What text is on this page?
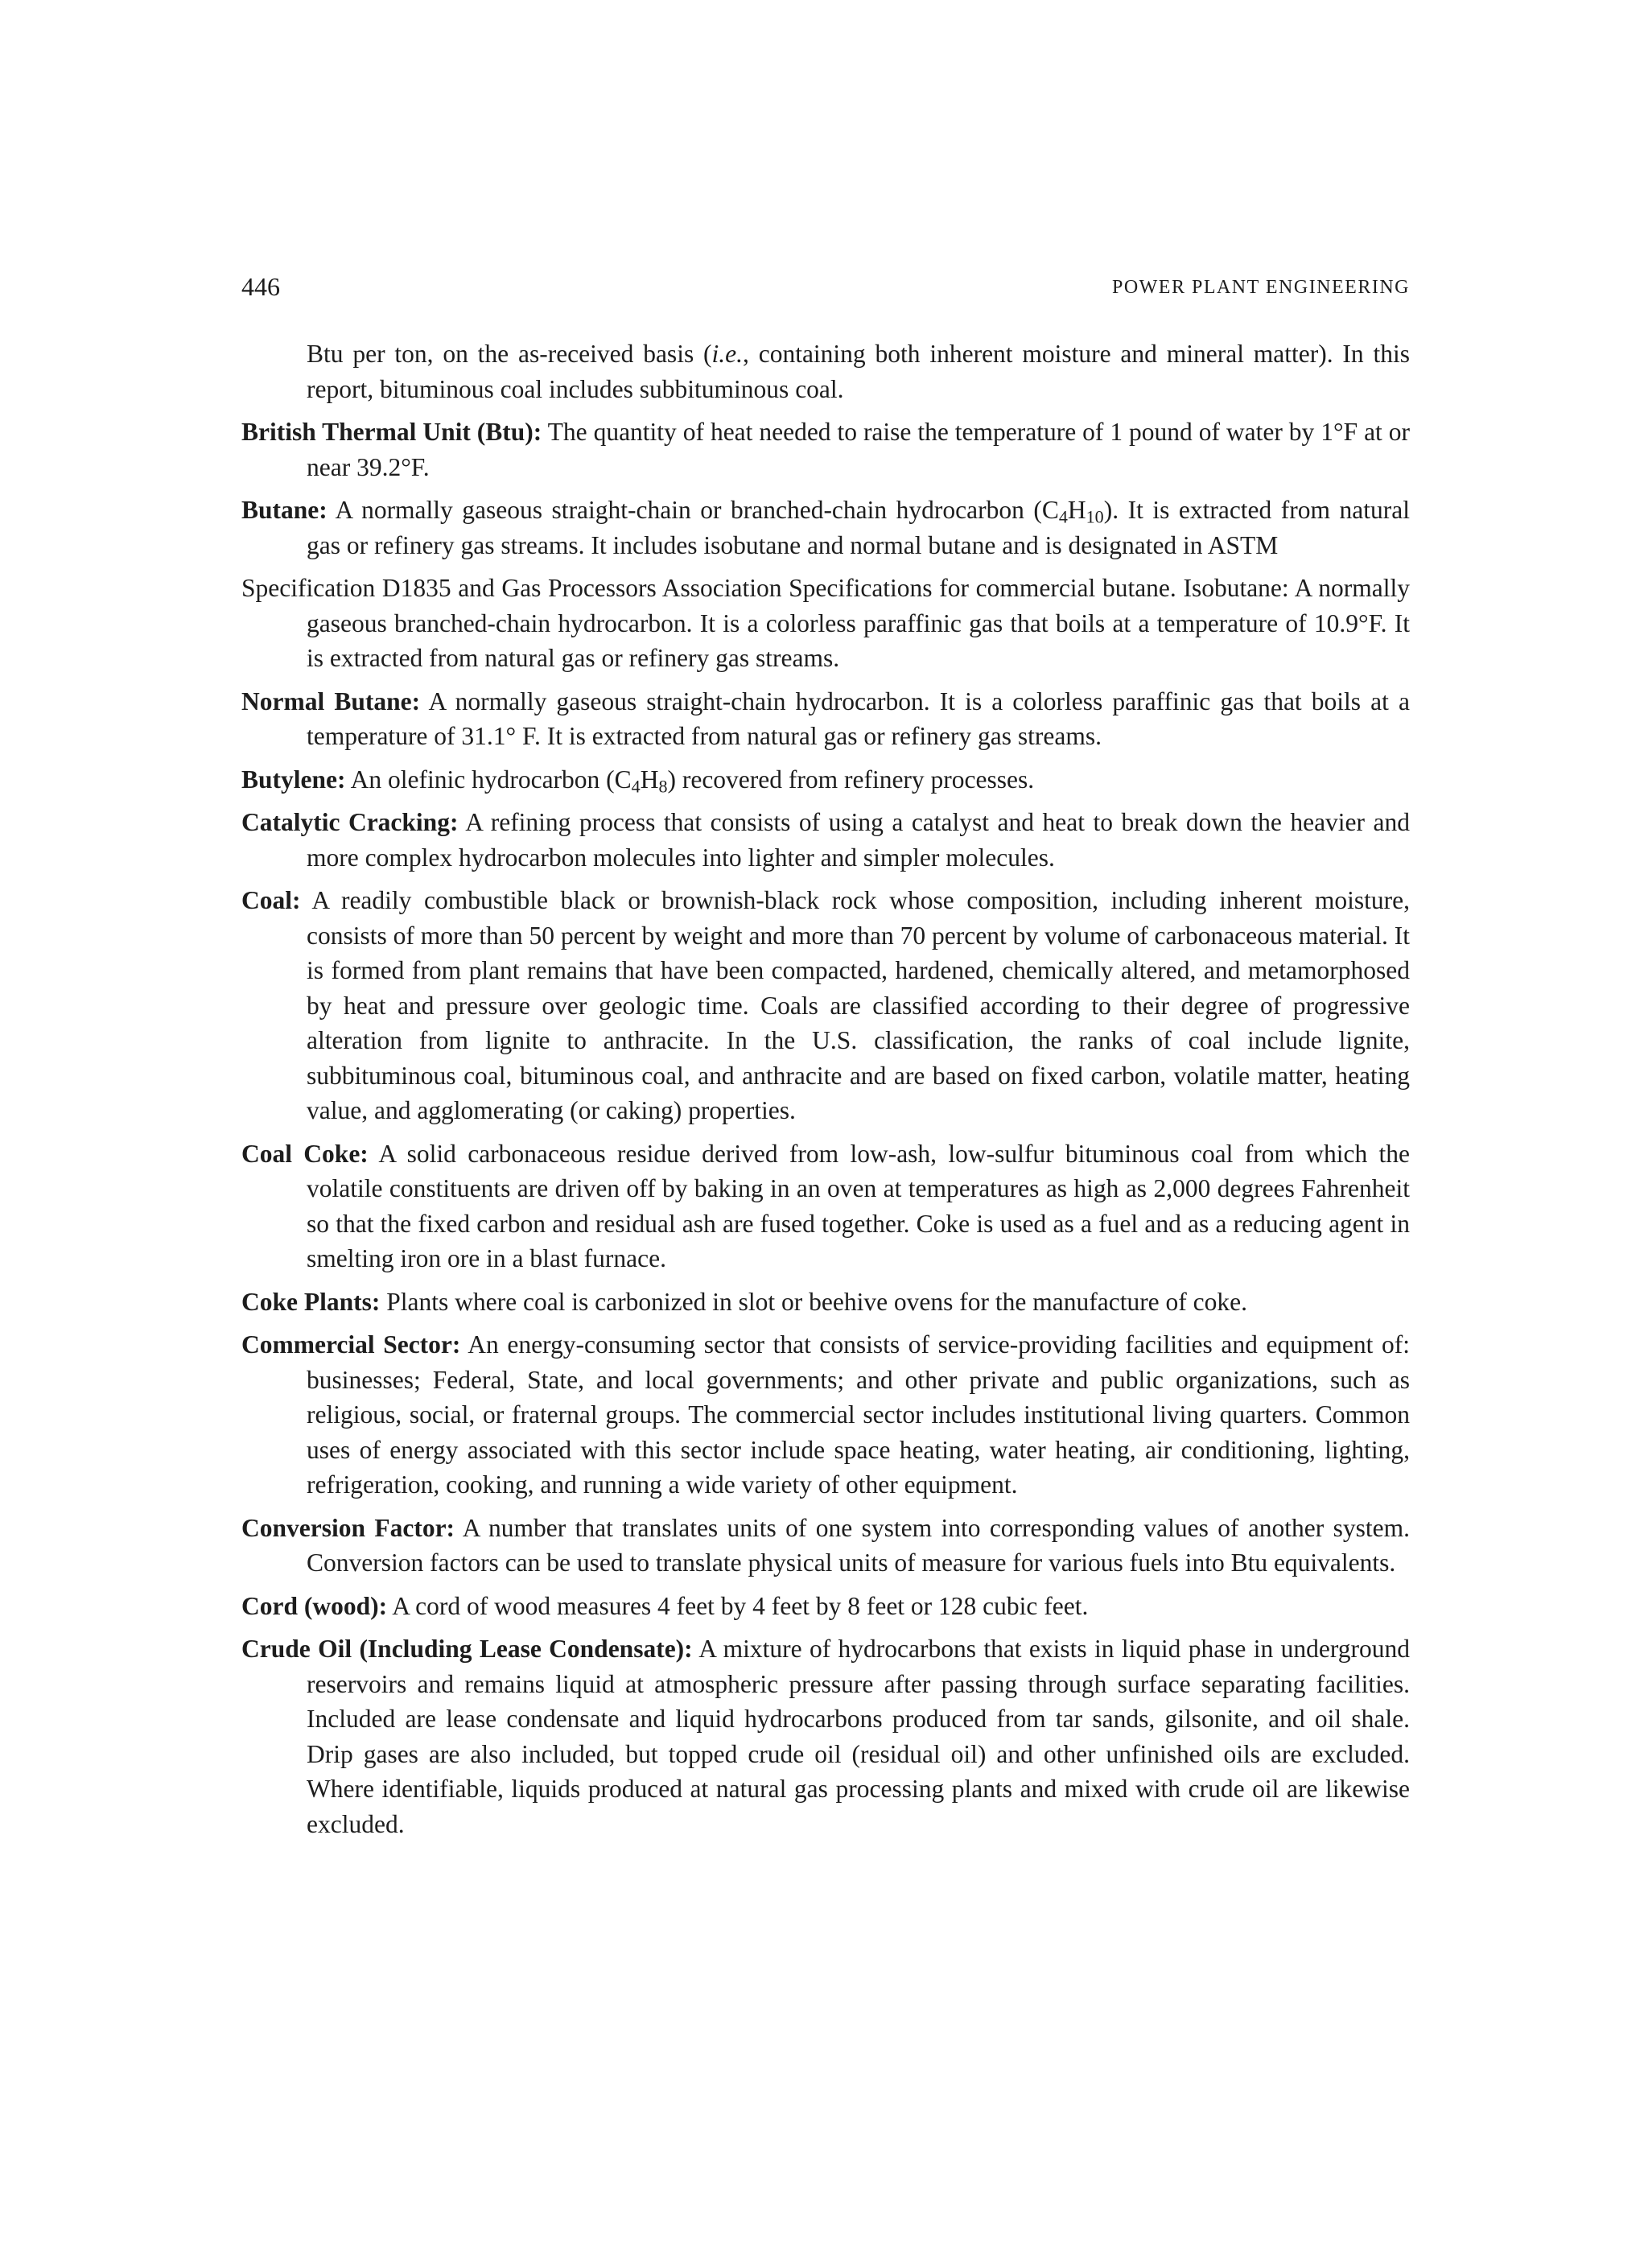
446	POWER PLANT ENGINEERING

Btu per ton, on the as-received basis (i.e., containing both inherent moisture and mineral matter). In this report, bituminous coal includes subbituminous coal.

British Thermal Unit (Btu): The quantity of heat needed to raise the temperature of 1 pound of water by 1°F at or near 39.2°F.

Butane: A normally gaseous straight-chain or branched-chain hydrocarbon $(C_4H_{10})$. It is extracted from natural gas or refinery gas streams. It includes isobutane and normal butane and is designated in ASTM

Specification D1835 and Gas Processors Association Specifications for commercial butane. Isobutane: A normally gaseous branched-chain hydrocarbon. It is a colorless paraffinic gas that boils at a temperature of 10.9°F. It is extracted from natural gas or refinery gas streams.

Normal Butane: A normally gaseous straight-chain hydrocarbon. It is a colorless paraffinic gas that boils at a temperature of 31.1° F. It is extracted from natural gas or refinery gas streams.

Butylene: An olefinic hydrocarbon $(C_4H_8)$ recovered from refinery processes.

Catalytic Cracking: A refining process that consists of using a catalyst and heat to break down the heavier and more complex hydrocarbon molecules into lighter and simpler molecules.

Coal: A readily combustible black or brownish-black rock whose composition, including inherent moisture, consists of more than 50 percent by weight and more than 70 percent by volume of carbonaceous material. It is formed from plant remains that have been compacted, hardened, chemically altered, and metamorphosed by heat and pressure over geologic time. Coals are classified according to their degree of progressive alteration from lignite to anthracite. In the U.S. classification, the ranks of coal include lignite, subbituminous coal, bituminous coal, and anthracite and are based on fixed carbon, volatile matter, heating value, and agglomerating (or caking) properties.

Coal Coke: A solid carbonaceous residue derived from low-ash, low-sulfur bituminous coal from which the volatile constituents are driven off by baking in an oven at temperatures as high as 2,000 degrees Fahrenheit so that the fixed carbon and residual ash are fused together. Coke is used as a fuel and as a reducing agent in smelting iron ore in a blast furnace.

Coke Plants: Plants where coal is carbonized in slot or beehive ovens for the manufacture of coke.

Commercial Sector: An energy-consuming sector that consists of service-providing facilities and equipment of: businesses; Federal, State, and local governments; and other private and public organizations, such as religious, social, or fraternal groups. The commercial sector includes institutional living quarters. Common uses of energy associated with this sector include space heating, water heating, air conditioning, lighting, refrigeration, cooking, and running a wide variety of other equipment.

Conversion Factor: A number that translates units of one system into corresponding values of another system. Conversion factors can be used to translate physical units of measure for various fuels into Btu equivalents.

Cord (wood): A cord of wood measures 4 feet by 4 feet by 8 feet or 128 cubic feet.

Crude Oil (Including Lease Condensate): A mixture of hydrocarbons that exists in liquid phase in underground reservoirs and remains liquid at atmospheric pressure after passing through surface separating facilities. Included are lease condensate and liquid hydrocarbons produced from tar sands, gilsonite, and oil shale. Drip gases are also included, but topped crude oil (residual oil) and other unfinished oils are excluded. Where identifiable, liquids produced at natural gas processing plants and mixed with crude oil are likewise excluded.
